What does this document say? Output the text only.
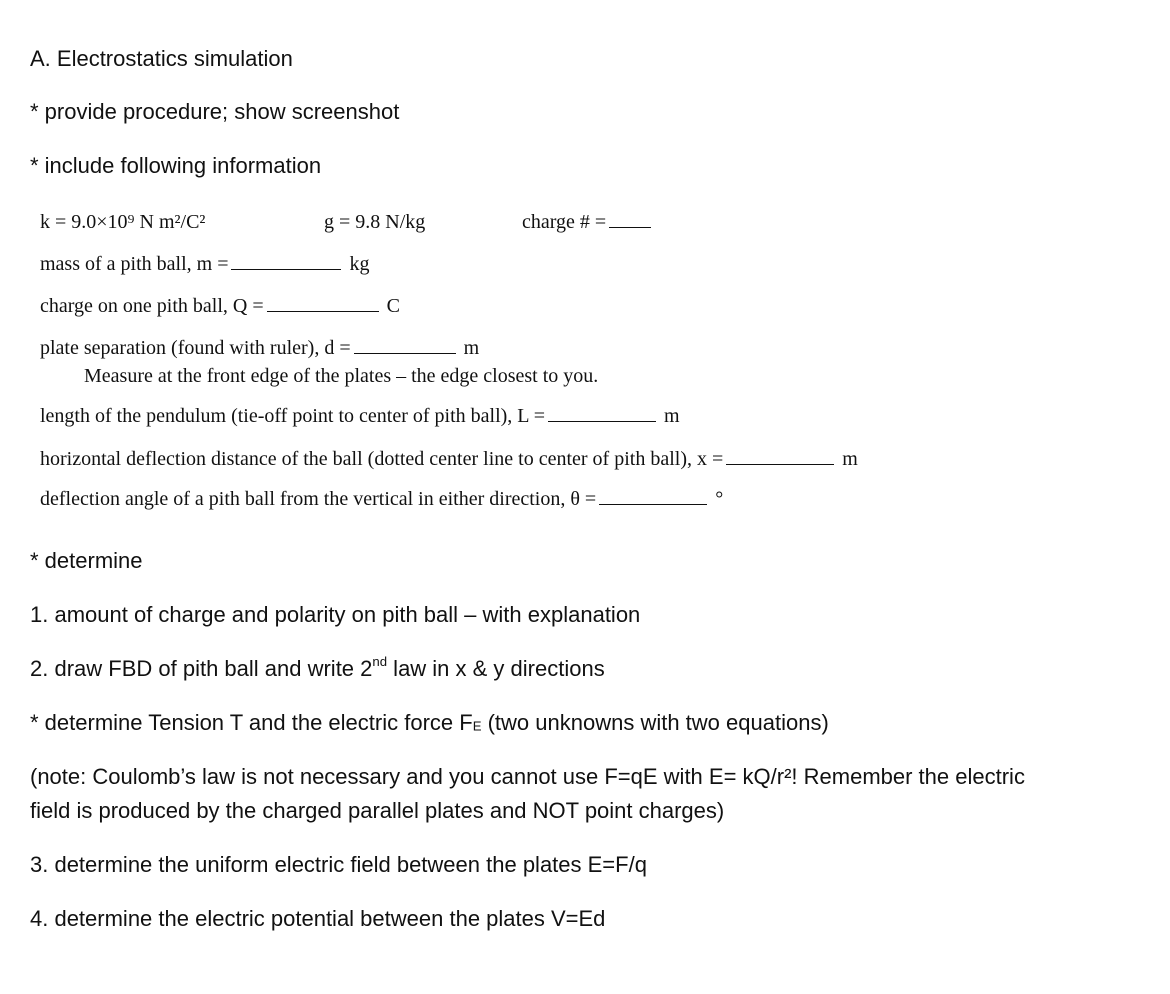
A. Electrostatics simulation
* provide procedure; show screenshot
* include following information
k = 9.0×10⁹ N m²/C²	g = 9.8 N/kg	charge # =
mass of a pith ball, m =	kg
charge on one pith ball, Q =	C
plate separation (found with ruler), d =	m
Measure at the front edge of the plates – the edge closest to you.
length of the pendulum (tie-off point to center of pith ball), L =	m
horizontal deflection distance of the ball (dotted center line to center of pith ball), x =	m
deflection angle of a pith ball from the vertical in either direction, θ =	°
* determine
1. amount of charge and polarity on pith ball – with explanation
2. draw FBD of pith ball and write 2nd law in x & y directions
* determine Tension T and the electric force $F_E$ (two unknowns with two equations)
(note: Coulomb’s law is not necessary and you cannot use F=qE with E= kQ/r²! Remember the electric
field is produced by the charged parallel plates and NOT point charges)
3. determine the uniform electric field between the plates E=F/q
4. determine the electric potential between the plates V=Ed
